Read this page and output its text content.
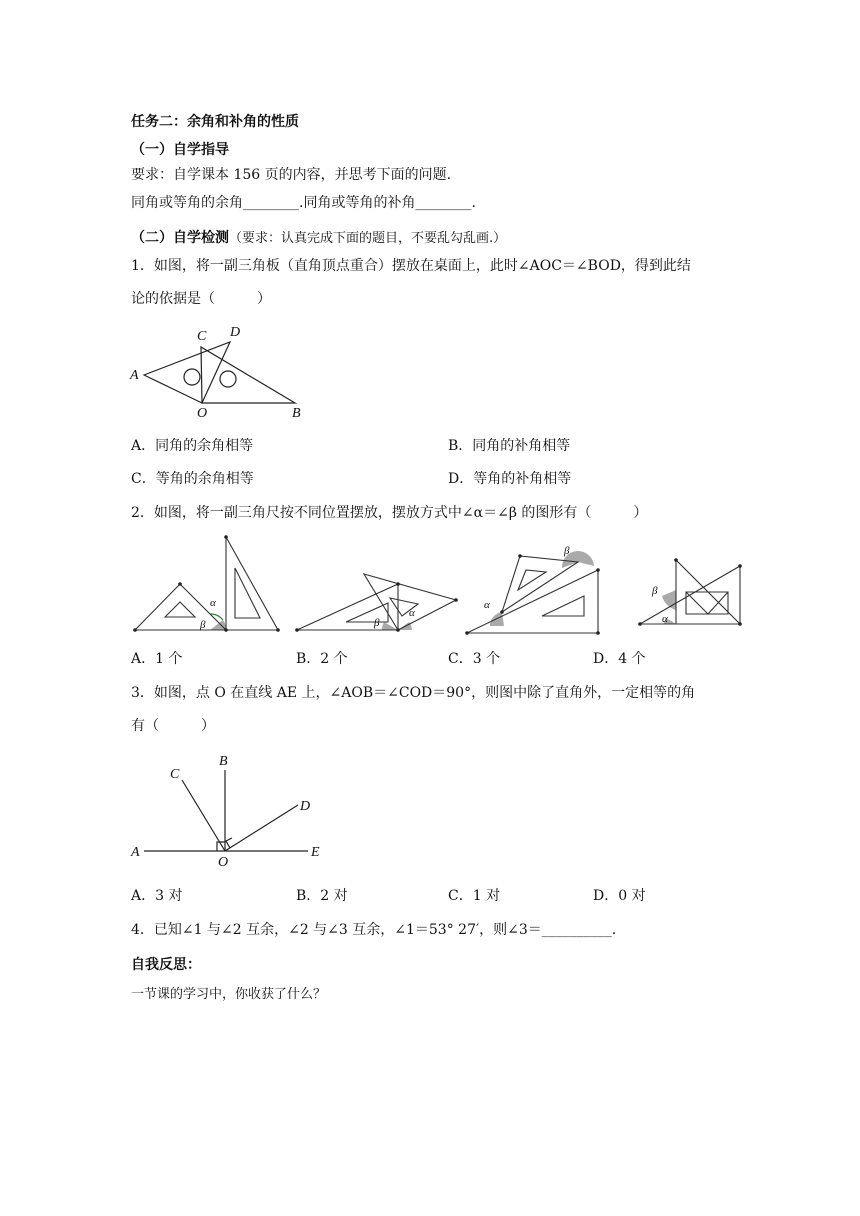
任务二：余角和补角的性质
（一）自学指导
要求：自学课本 156 页的内容，并思考下面的问题.
同角或等角的余角________.同角或等角的补角________.
（二）自学检测（要求：认真完成下面的题目，不要乱勾乱画.）
1．如图，将一副三角板（直角顶点重合）摆放在桌面上，此时∠AOC＝∠BOD，得到此结
论的依据是（　　　）
A
C D
O	B
A．同角的余角相等	B．同角的补角相等
C．等角的余角相等	D．等角的补角相等
2．如图，将一副三角尺按不同位置摆放，摆放方式中∠α＝∠β 的图形有（　　　）
α
β
α
β
α
β
β
α
A．1 个	B．2 个	C．3 个	D．4 个
3．如图，点 O 在直线 AE 上，∠AOB＝∠COD＝90°，则图中除了直角外，一定相等的角
有（　　　）
A
B
C
D
E
O
A．3 对	B．2 对	C．1 对	D．0 对
4．已知∠1 与∠2 互余，∠2 与∠3 互余，∠1＝53° 27′，则∠3＝__________.
自我反思：
一节课的学习中，你收获了什么？
